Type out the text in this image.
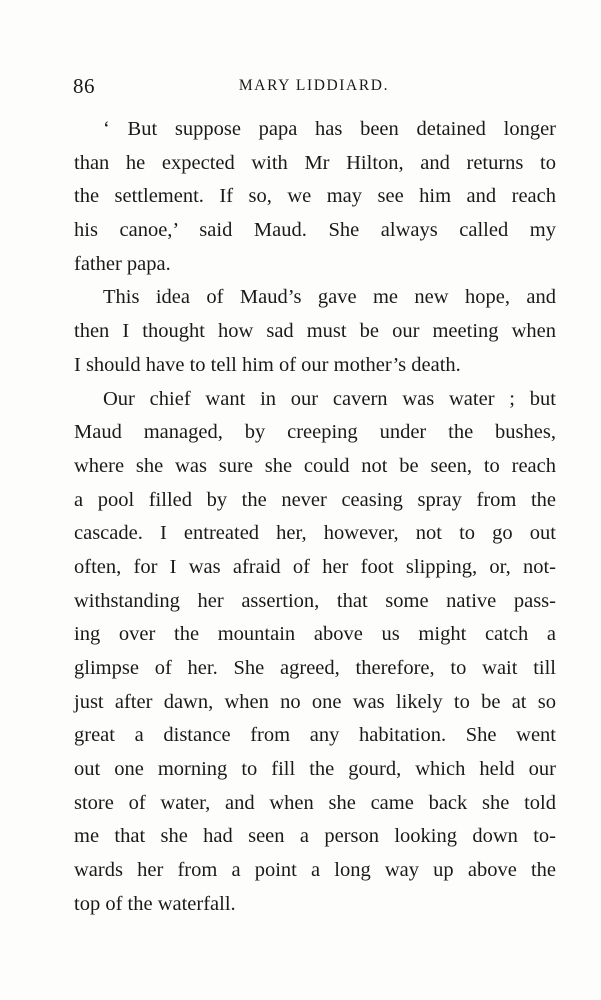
86	MARY LIDDIARD.
‘ But suppose papa has been detained longer
than he expected with Mr Hilton, and returns to
the settlement. If so, we may see him and reach
his canoe,’ said Maud. She always called my
father papa.
This idea of Maud’s gave me new hope, and
then I thought how sad must be our meeting when
I should have to tell him of our mother’s death.
Our chief want in our cavern was water ; but
Maud managed, by creeping under the bushes,
where she was sure she could not be seen, to reach
a pool filled by the never ceasing spray from the
cascade. I entreated her, however, not to go out
often, for I was afraid of her foot slipping, or, not-
withstanding her assertion, that some native pass-
ing over the mountain above us might catch a
glimpse of her. She agreed, therefore, to wait till
just after dawn, when no one was likely to be at so
great a distance from any habitation. She went
out one morning to fill the gourd, which held our
store of water, and when she came back she told
me that she had seen a person looking down to-
wards her from a point a long way up above the
top of the waterfall.
